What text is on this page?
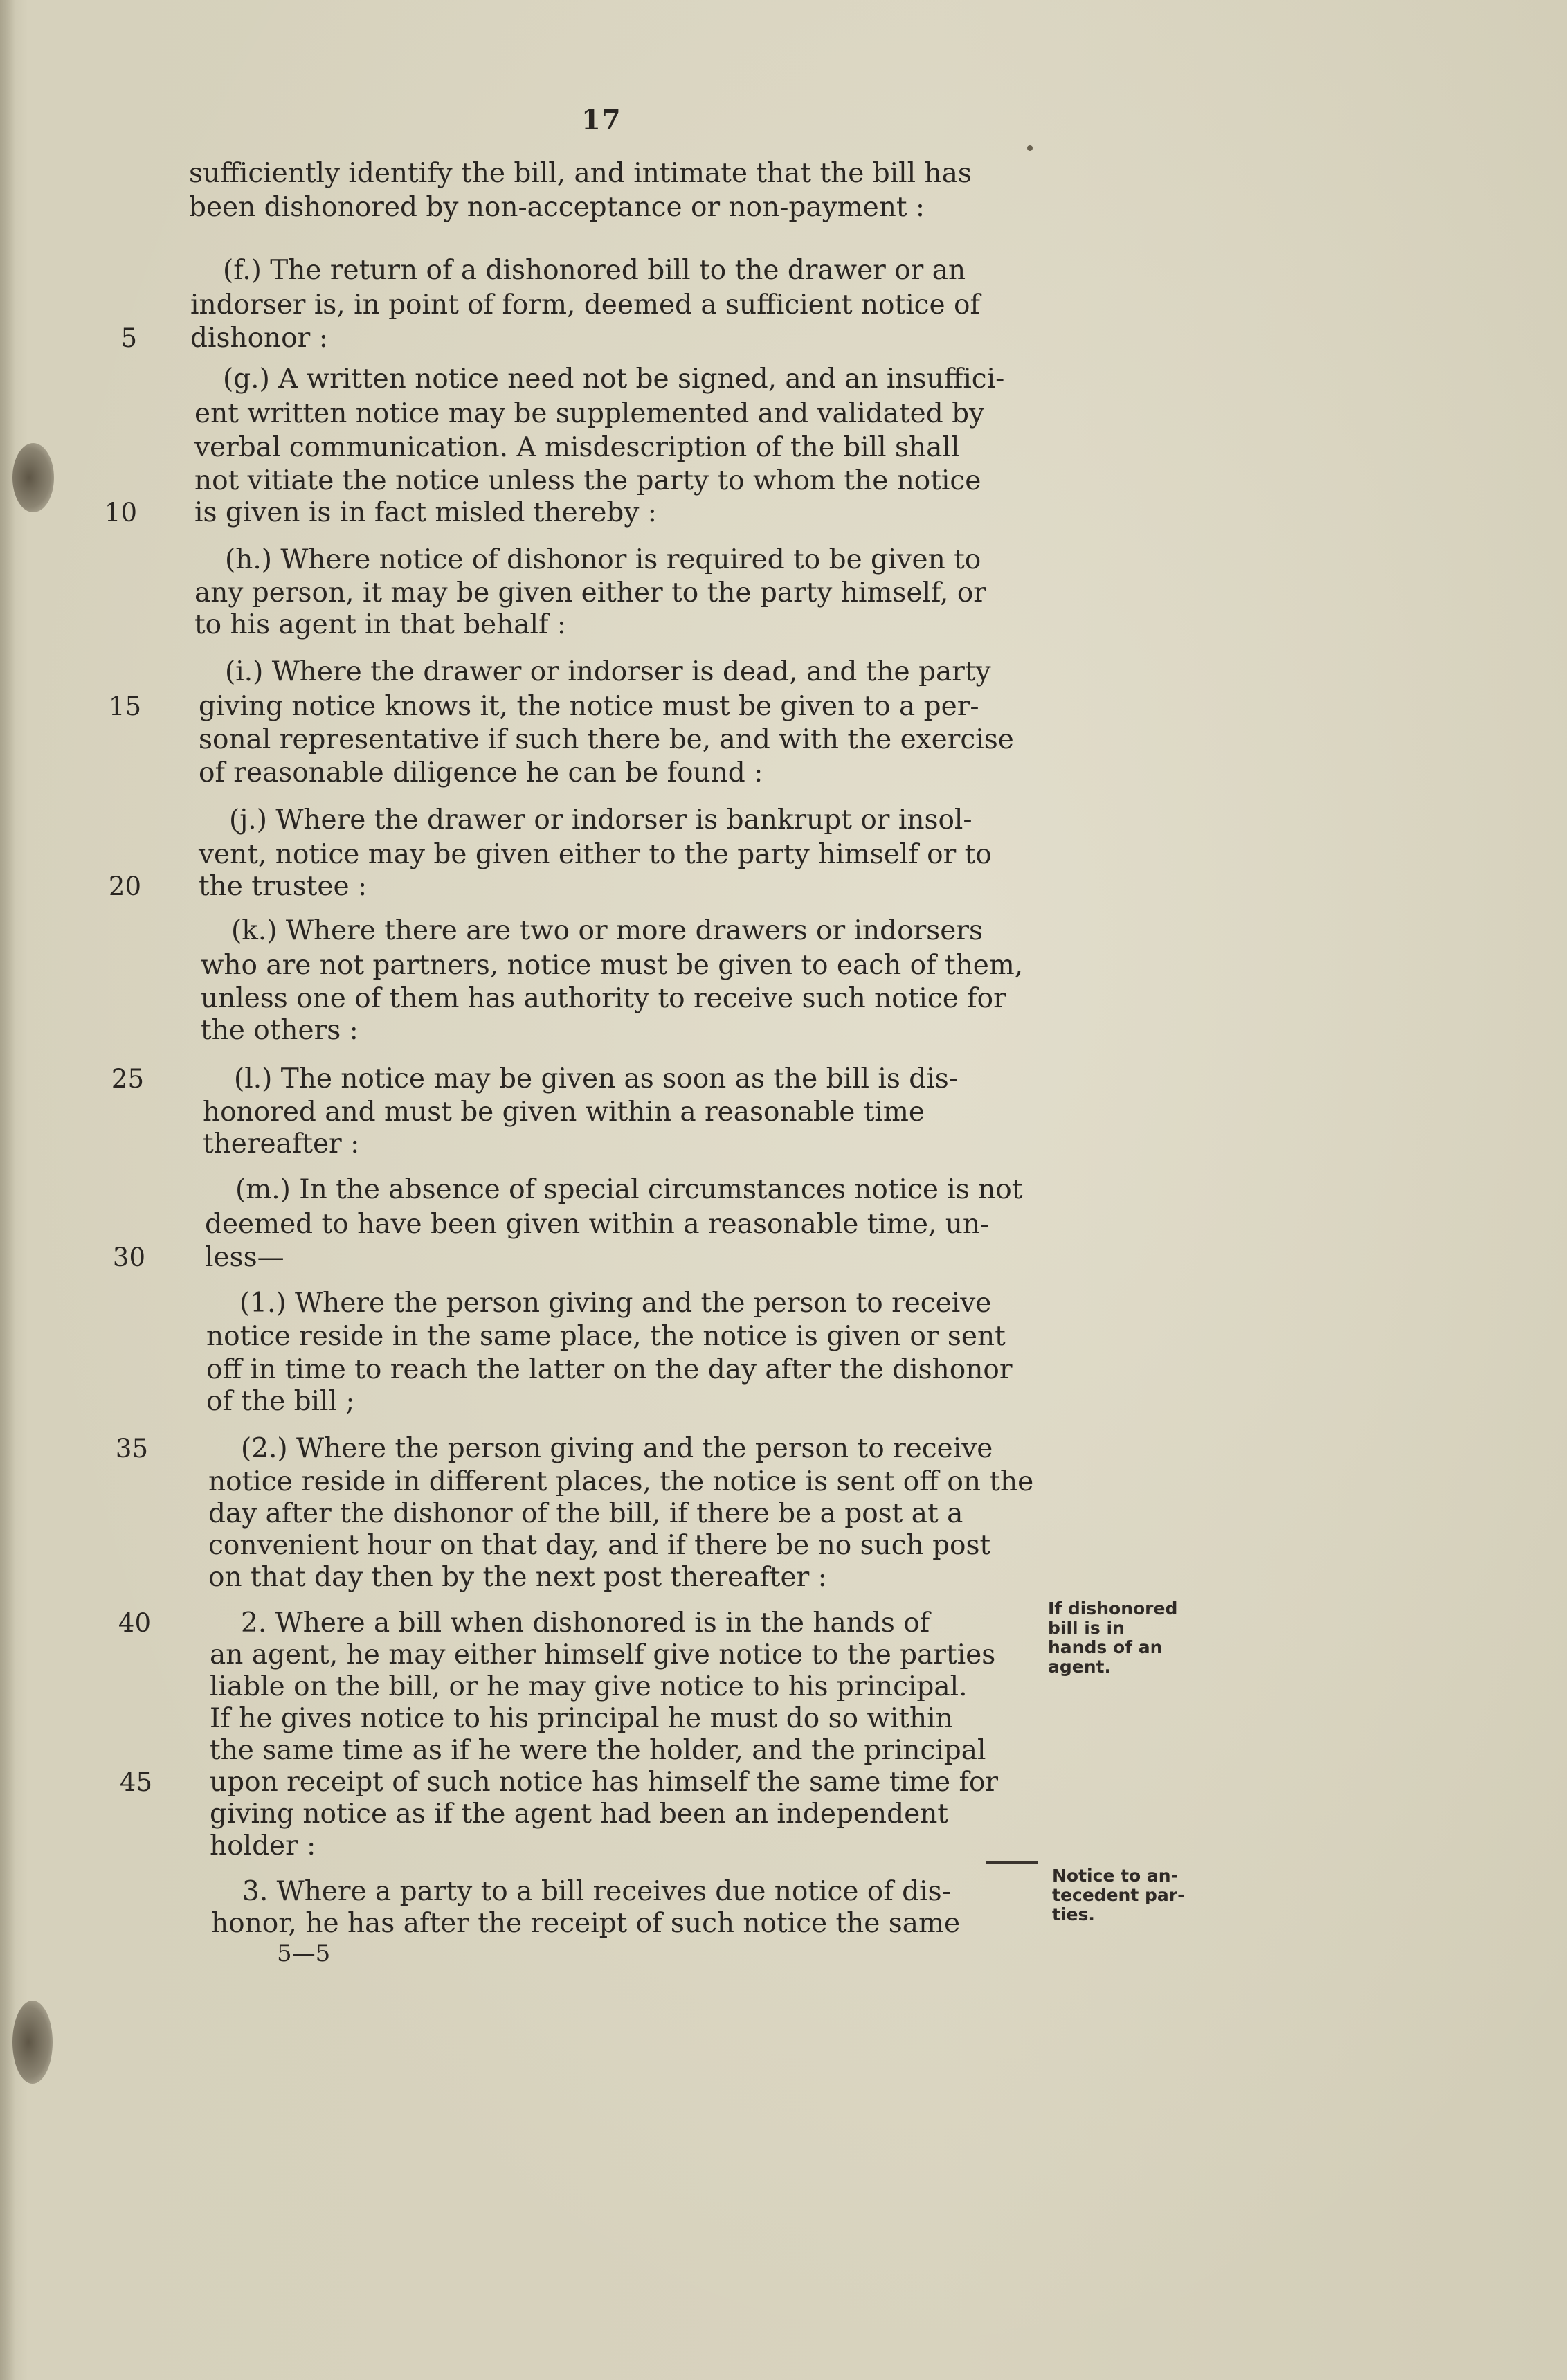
17
sufficiently identify the bill, and intimate that the bill has
been dishonored by non-acceptance or non-payment :
(f.) The return of a dishonored bill to the drawer or an
indorser is, in point of form, deemed a sufficient notice of
dishonor :
(g.) A written notice need not be signed, and an insuffici-
ent written notice may be supplemented and validated by
verbal communication. A misdescription of the bill shall
not vitiate the notice unless the party to whom the notice
is given is in fact misled thereby :
(h.) Where notice of dishonor is required to be given to
any person, it may be given either to the party himself, or
to his agent in that behalf :
(i.) Where the drawer or indorser is dead, and the party
giving notice knows it, the notice must be given to a per-
sonal representative if such there be, and with the exercise
of reasonable diligence he can be found :
(j.) Where the drawer or indorser is bankrupt or insol-
vent, notice may be given either to the party himself or to
the trustee :
(k.) Where there are two or more drawers or indorsers
who are not partners, notice must be given to each of them,
unless one of them has authority to receive such notice for
the others :
(l.) The notice may be given as soon as the bill is dis-
honored and must be given within a reasonable time
thereafter :
(m.) In the absence of special circumstances notice is not
deemed to have been given within a reasonable time, un-
less—
(1.) Where the person giving and the person to receive
notice reside in the same place, the notice is given or sent
off in time to reach the latter on the day after the dishonor
of the bill ;
(2.) Where the person giving and the person to receive
notice reside in different places, the notice is sent off on the
day after the dishonor of the bill, if there be a post at a
convenient hour on that day, and if there be no such post
on that day then by the next post thereafter :
2. Where a bill when dishonored is in the hands of
an agent, he may either himself give notice to the parties
liable on the bill, or he may give notice to his principal.
If he gives notice to his principal he must do so within
the same time as if he were the holder, and the principal
upon receipt of such notice has himself the same time for
giving notice as if the agent had been an independent
holder :
3. Where a party to a bill receives due notice of dis-
honor, he has after the receipt of such notice the same
5
10
15
20
25
30
35
40
45
If dishonored
bill is in
hands of an
agent.
Notice to an-
tecedent par-
ties.
5—5
